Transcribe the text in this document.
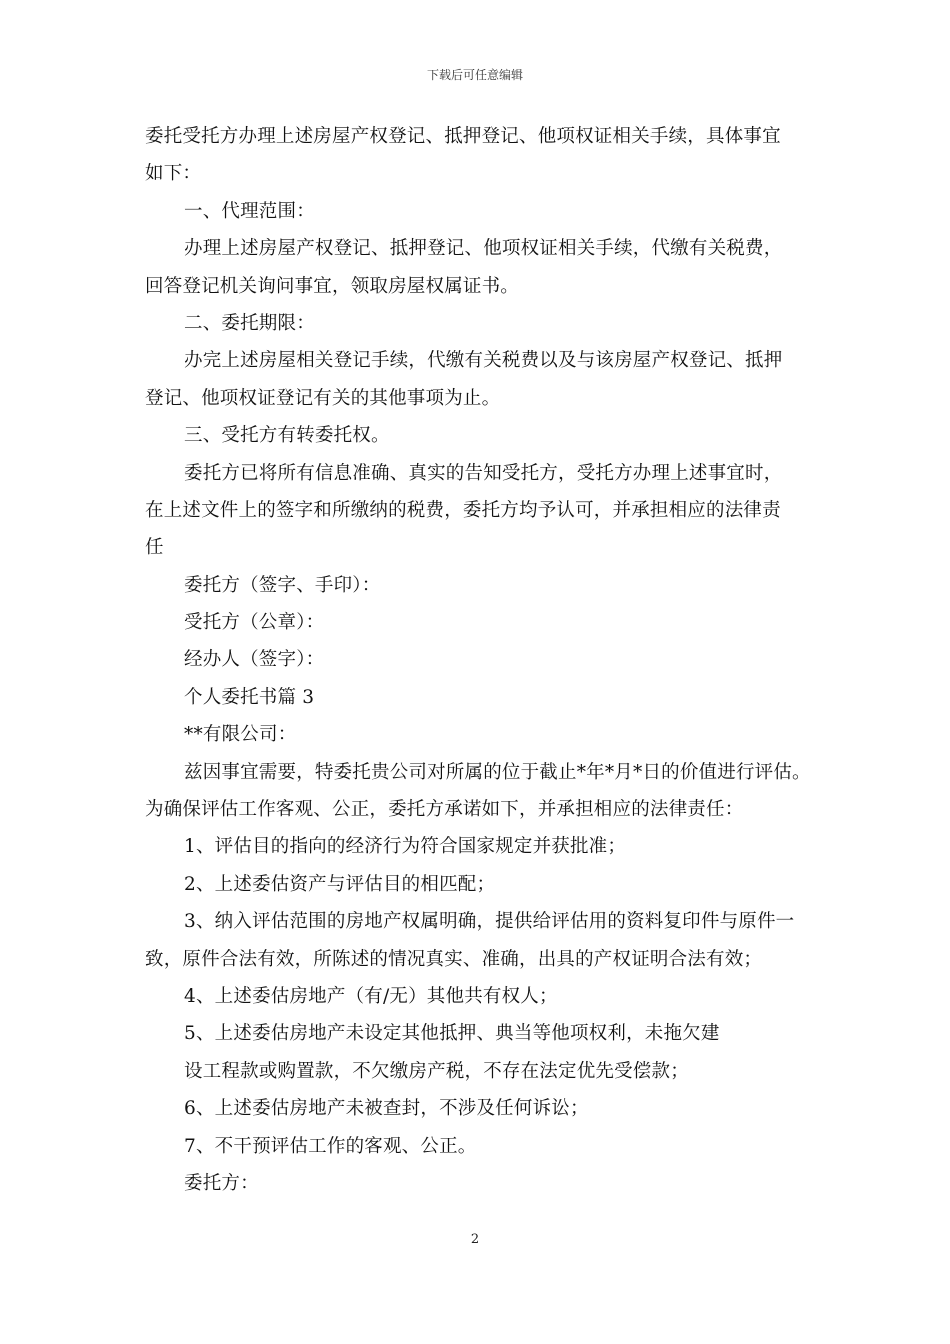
下载后可任意编辑
委托受托方办理上述房屋产权登记、抵押登记、他项权证相关手续，具体事宜
如下：
一、代理范围：
办理上述房屋产权登记、抵押登记、他项权证相关手续，代缴有关税费，
回答登记机关询问事宜，领取房屋权属证书。
二、委托期限：
办完上述房屋相关登记手续，代缴有关税费以及与该房屋产权登记、抵押
登记、他项权证登记有关的其他事项为止。
三、受托方有转委托权。
委托方已将所有信息准确、真实的告知受托方，受托方办理上述事宜时，
在上述文件上的签字和所缴纳的税费，委托方均予认可，并承担相应的法律责
任
委托方（签字、手印）：
受托方（公章）：
经办人（签字）：
个人委托书篇 3
**有限公司：
兹因事宜需要，特委托贵公司对所属的位于截止*年*月*日的价值进行评估。
为确保评估工作客观、公正，委托方承诺如下，并承担相应的法律责任：
1、评估目的指向的经济行为符合国家规定并获批准；
2、上述委估资产与评估目的相匹配；
3、纳入评估范围的房地产权属明确，提供给评估用的资料复印件与原件一
致，原件合法有效，所陈述的情况真实、准确，出具的产权证明合法有效；
4、上述委估房地产（有/无）其他共有权人；
5、上述委估房地产未设定其他抵押、典当等他项权利，未拖欠建
设工程款或购置款，不欠缴房产税，不存在法定优先受偿款；
6、上述委估房地产未被查封，不涉及任何诉讼；
7、不干预评估工作的客观、公正。
委托方：
2
